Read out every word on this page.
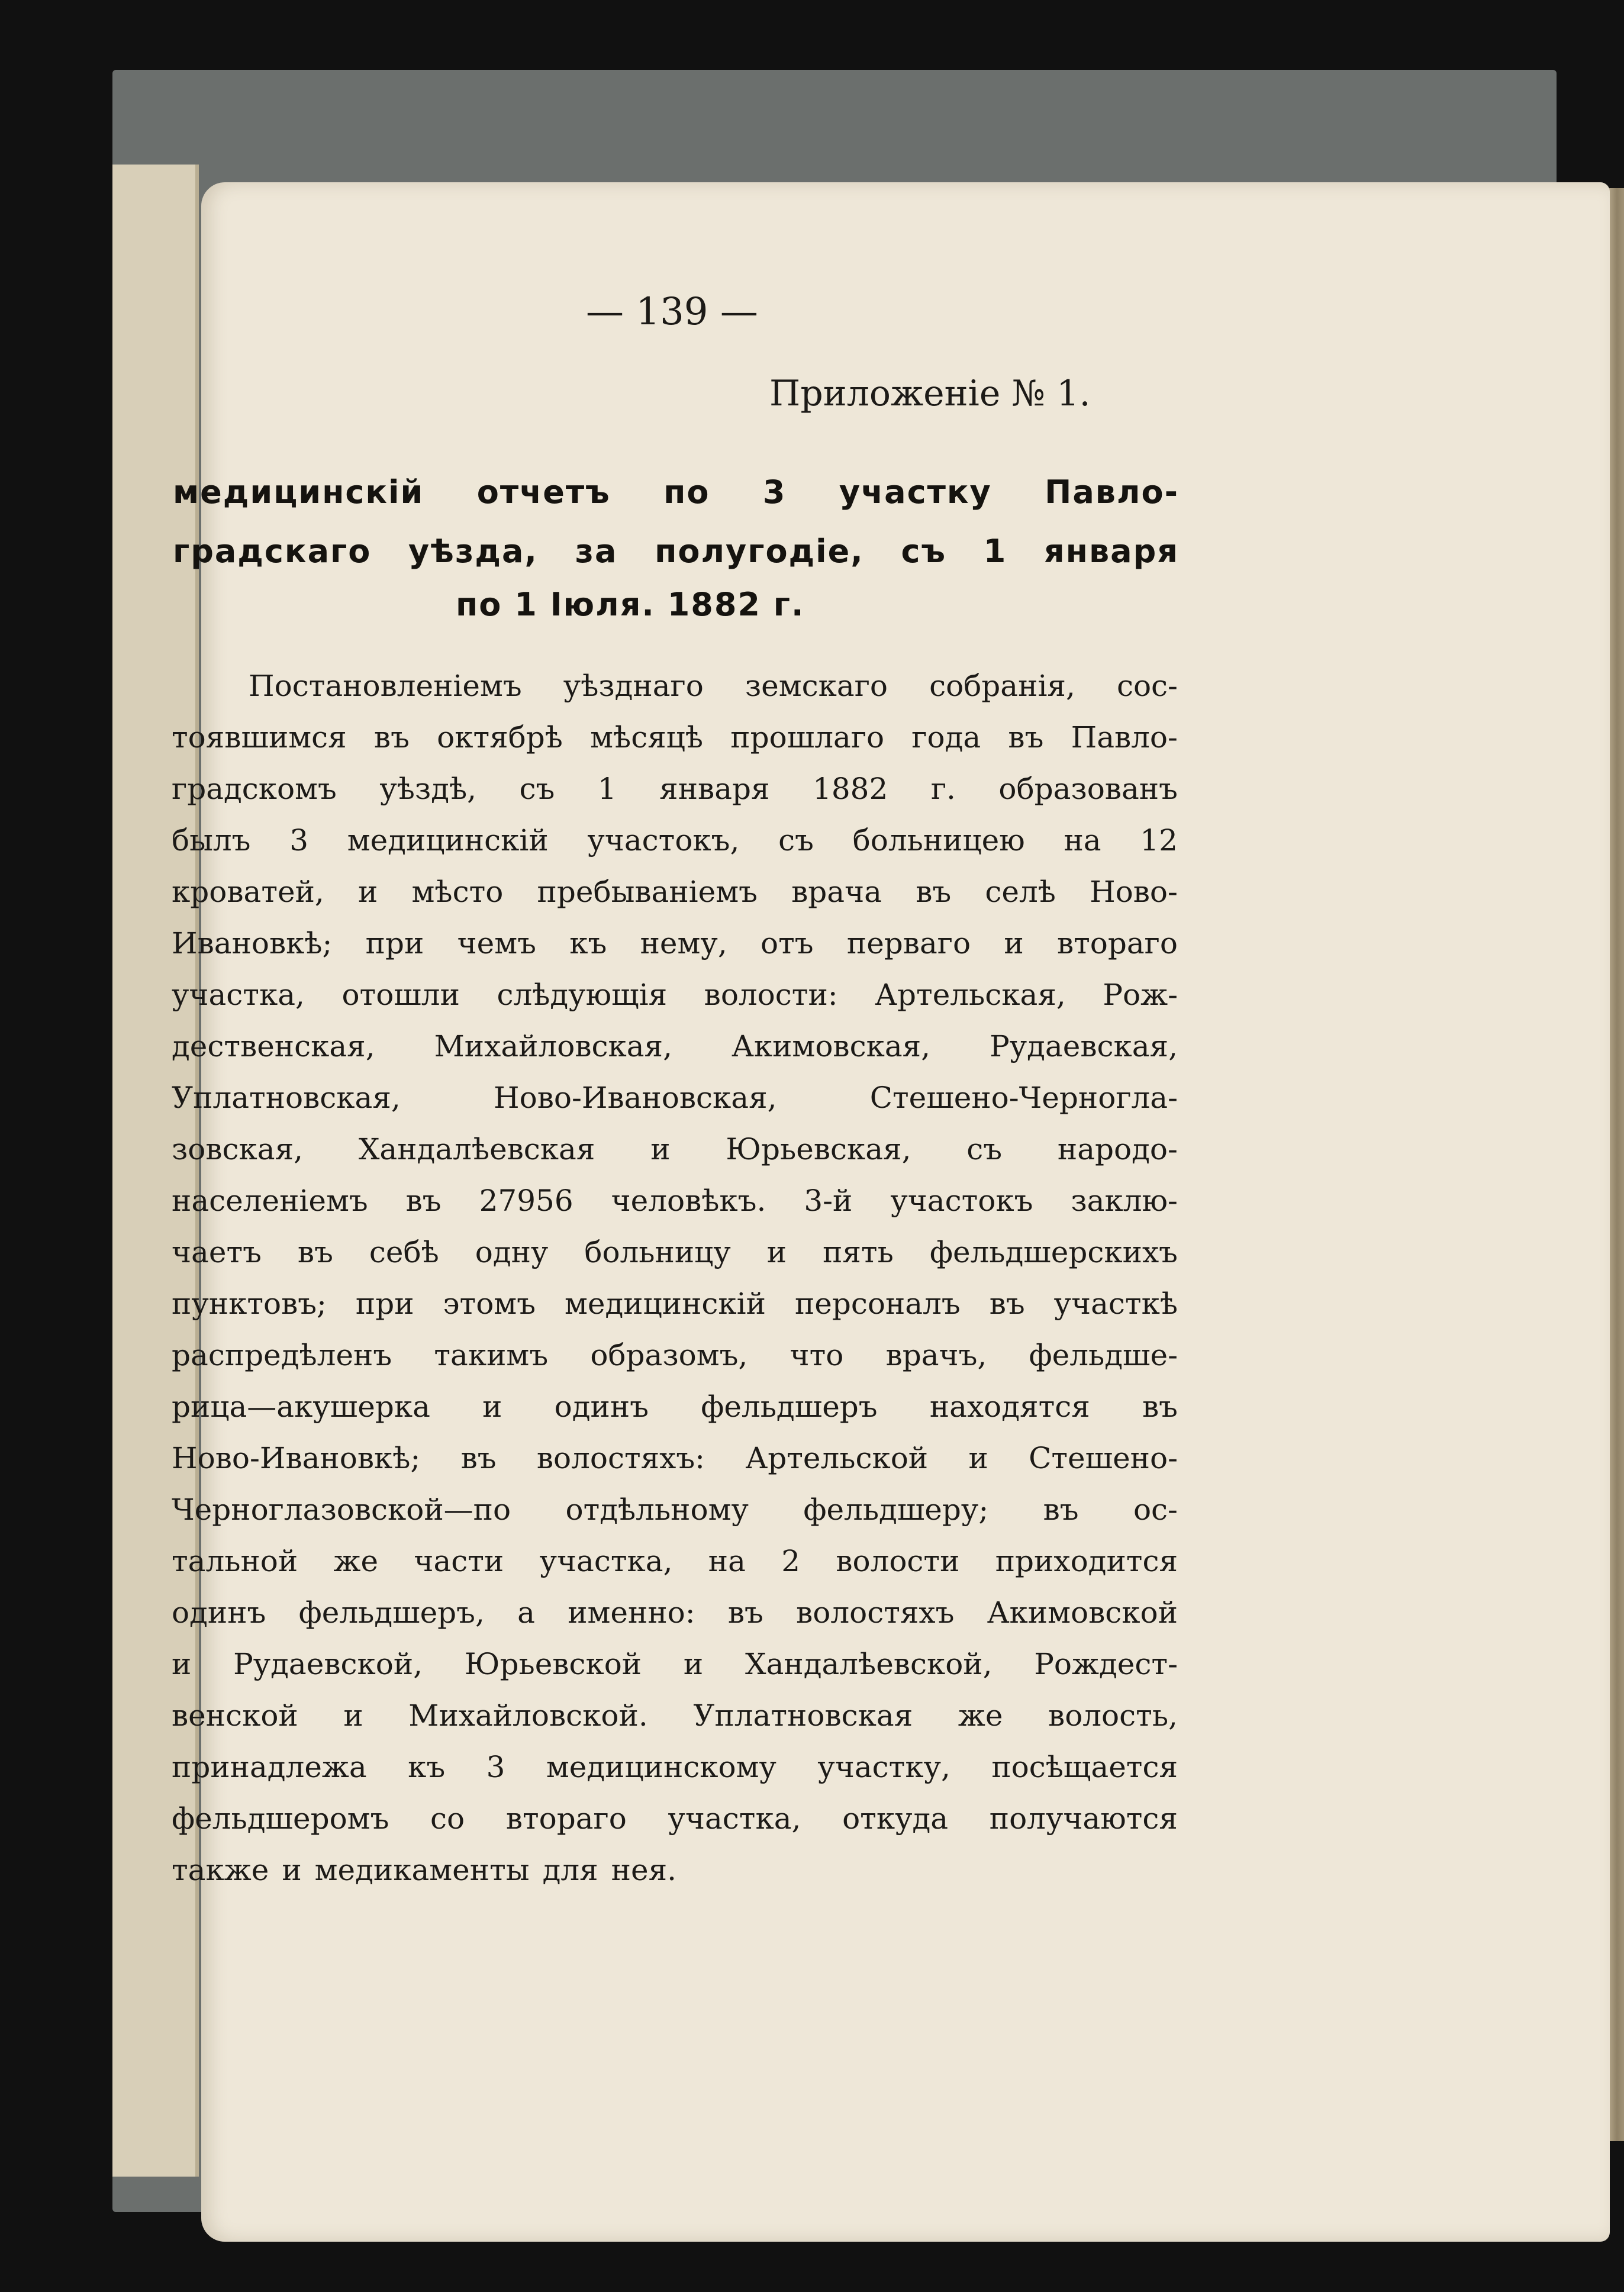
— 139 —
Приложеніе № 1.
медицинскій отчетъ по 3 участку Павло-
градскаго уѣзда, за полугодіе, съ 1 января
по 1 Іюля. 1882 г.
Постановленіемъ уѣзднаго земскаго собранія, сос-
тоявшимся въ октябрѣ мѣсяцѣ прошлаго года въ Павло-
градскомъ уѣздѣ, съ 1 января 1882 г. образованъ
былъ 3 медицинскій участокъ, съ больницею на 12
кроватей, и мѣсто пребываніемъ врача въ селѣ Ново-
Ивановкѣ; при чемъ къ нему, отъ перваго и втораго
участка, отошли слѣдующія волости: Артельская, Рож-
дественская, Михайловская, Акимовская, Рудаевская,
Уплатновская,	Ново-Ивановская,	Стешено-Черногла-
зовская, Хандалѣевская и Юрьевская, съ народо-
населеніемъ въ 27956 человѣкъ. 3-й участокъ заклю-
чаетъ въ себѣ одну больницу и пять фельдшерскихъ
пунктовъ; при этомъ медицинскій персоналъ въ участкѣ
распредѣленъ такимъ образомъ, что врачъ, фельдше-
рица—акушерка и одинъ фельдшеръ находятся въ
Ново-Ивановкѣ; въ волостяхъ: Артельской и Стешено-
Черноглазовской—по отдѣльному фельдшеру; въ ос-
тальной же части участка, на 2 волости приходится
одинъ фельдшеръ, а именно: въ волостяхъ Акимовской
и Рудаевской, Юрьевской и Хандалѣевской, Рождест-
венской и Михайловской. Уплатновская же волость,
принадлежа къ 3 медицинскому участку, посѣщается
фельдшеромъ со втораго участка, откуда получаются
также и медикаменты для нея.
